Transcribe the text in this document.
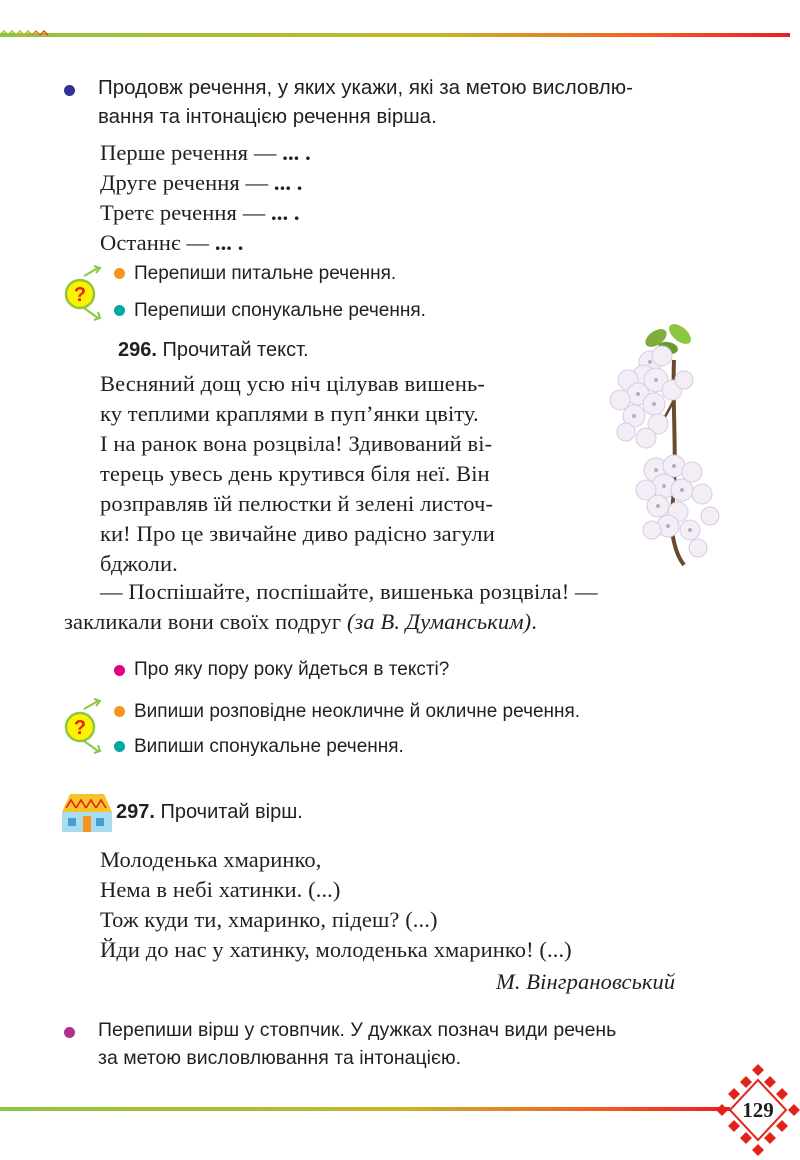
Продовж речення, у яких укажи, які за метою висловлю-
вання та інтонацією речення вірша.
Перше речення — ... .
Друге речення — ... .
Третє речення — ... .
Останнє — ... .
?
Перепиши питальне речення.
Перепиши спонукальне речення.
296. Прочитай текст.
Весняний дощ усю ніч цілував вишень-
ку теплими краплями в пуп’янки цвіту.
І на ранок вона розцвіла! Здивований ві-
терець увесь день крутився біля неї. Він
розправляв їй пелюстки й зелені листоч-
ки! Про це звичайне диво радісно загули
бджоли.
— Поспішайте, поспішайте, вишенька розцвіла! —
закликали вони своїх подруг (за В. Думанським).
Про яку пору року йдеться в тексті?
?
Випиши розповідне неокличне й окличне речення.
Випиши спонукальне речення.
297. Прочитай вірш.
Молоденька хмаринко,
Нема в небі хатинки. (...)
Тож куди ти, хмаринко, підеш? (...)
Йди до нас у хатинку, молоденька хмаринко! (...)
М. Вінграновський
Перепиши вірш у стовпчик. У дужках познач види речень
за метою висловлювання та інтонацією.
129
